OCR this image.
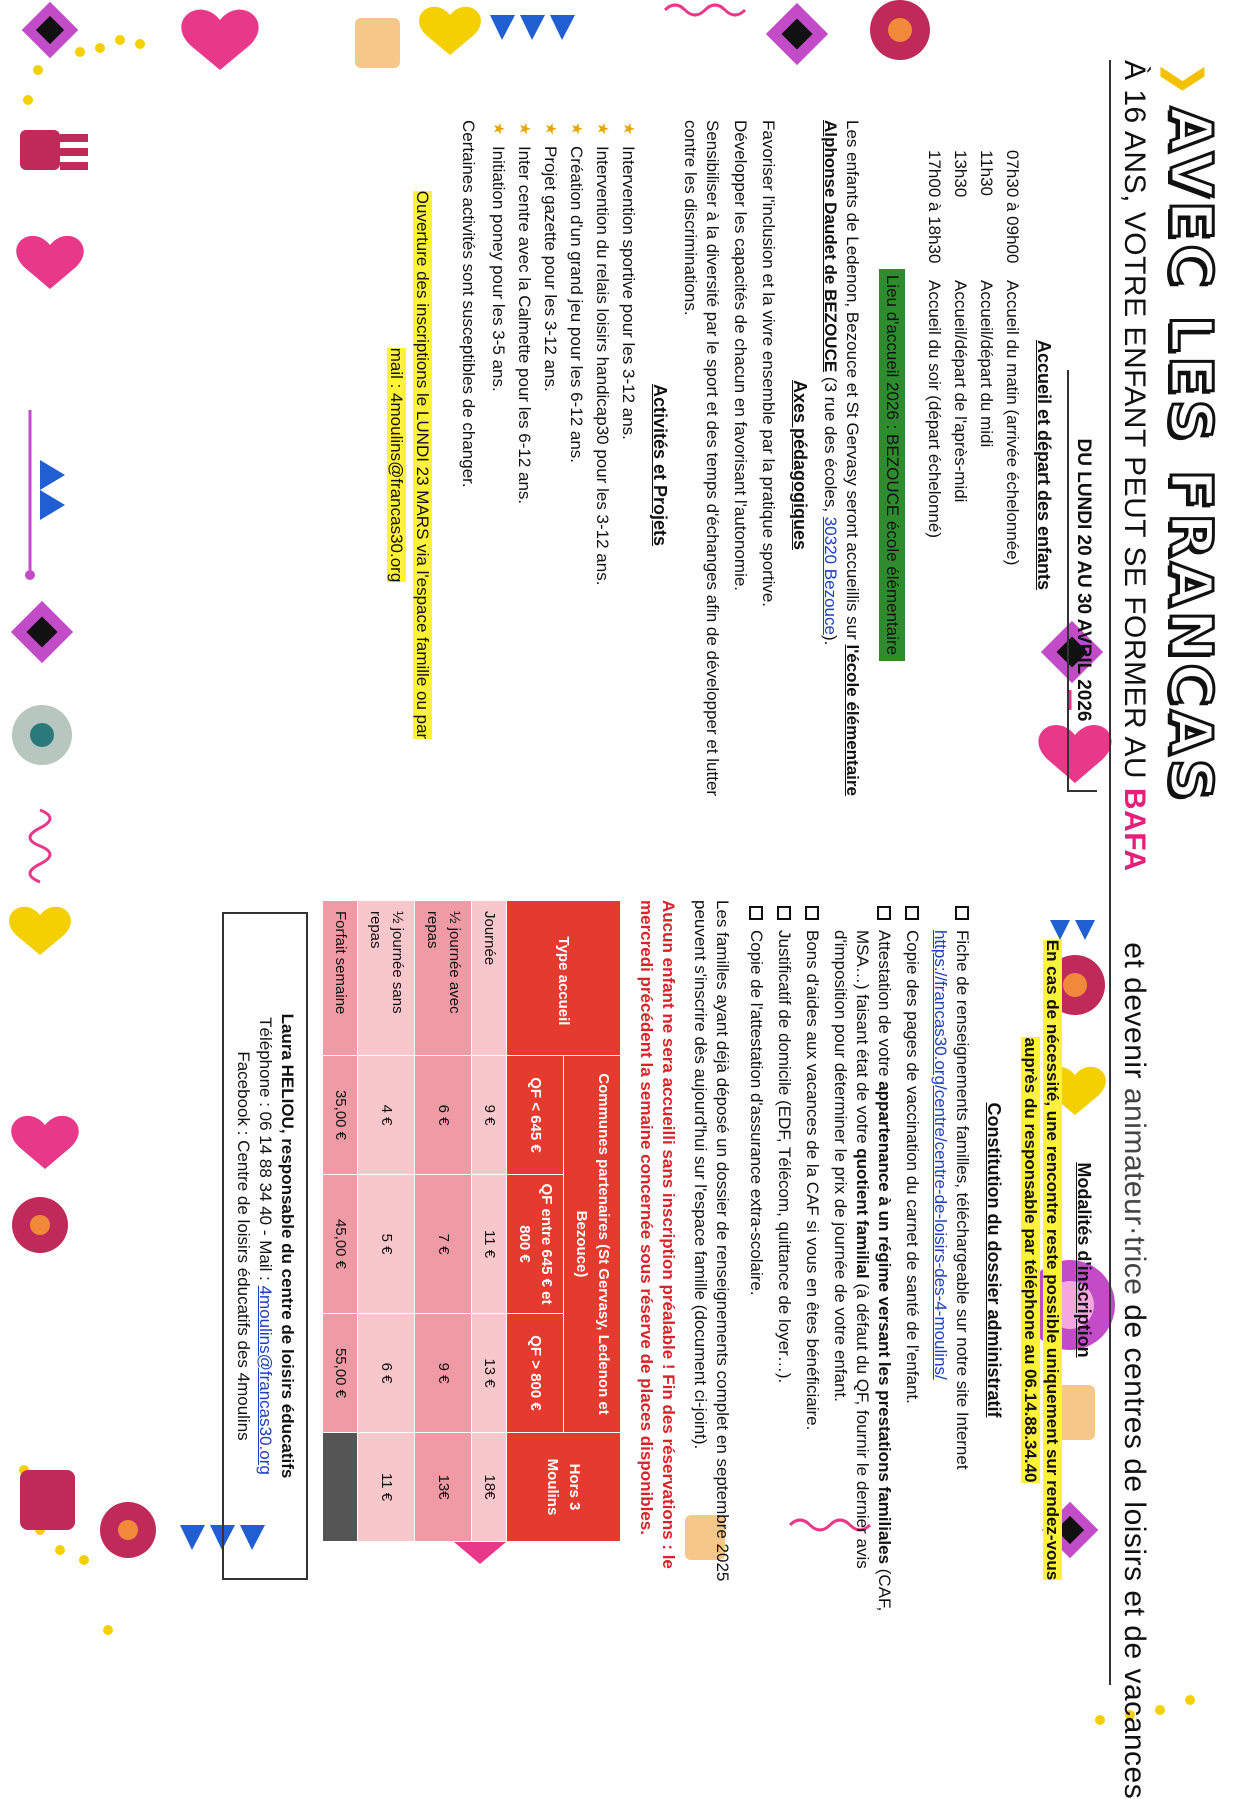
❯AVEC LES FRANCAS
À 16 ANS, VOTRE ENFANT PEUT SE FORMER AU BAFA        et devenir animateur·trice de centres de loisirs et de vacances
DU LUNDI 20 AU 30 AVRIL 2026
Accueil et départ des enfants
07h30 à 09h00
Accueil du matin (arrivée échelonnée)
11h30
Accueil/départ du midi
13h30
Accueil/départ de l'après-midi
17h00 à 18h30
Accueil du soir (départ échelonné)
Lieu d'accueil 2026 : BEZOUCE école élémentaire
Les enfants de Ledenon, Bezouce et St Gervasy seront accueillis sur l'école élémentaire Alphonse Daudet de BEZOUCE (3 rue des écoles, 30320 Bezouce).
Axes pédagogiques
Favoriser l'inclusion et la vivre ensemble par la pratique sportive.
Développer les capacités de chacun en favorisant l'autonomie.
Sensibiliser à la diversité par le sport et des temps d'échanges afin de développer et lutter contre les discriminations.
Activités et Projets
★ Intervention sportive pour les 3-12 ans.
★ Intervention du relais loisirs handicap30 pour les 3-12 ans.
★ Création d'un grand jeu pour les 6-12 ans.
★ Projet gazette pour les 3-12 ans.
★ Inter centre avec la Calmette pour les 6-12 ans.
★ Initiation poney pour les 3-5 ans.
Certaines activités sont susceptibles de changer.
Ouverture des inscriptions le LUNDI 23 MARS via l'espace famille ou par
mail : 4moulins@francas30.org
Modalités d'inscription
En cas de nécessité, une rencontre reste possible uniquement sur rendez-vous
auprès du responsable par téléphone au 06.14.88.34.40
Constitution du dossier administratif
Fiche de renseignements familles, téléchargeable sur notre site Internet
https://francas30.org/centre/centre-de-loisirs-des-4-moulins/
Copie des pages de vaccination du carnet de santé de l'enfant.
Attestation de votre appartenance à un régime versant les prestations familiales (CAF, MSA…) faisant état de votre quotient familial (à défaut du QF, fournir le dernier avis d'imposition pour déterminer le prix de journée de votre enfant.
Bons d'aides aux vacances de la CAF si vous en êtes bénéficiaire.
Justificatif de domicile (EDF, Télécom, quittance de loyer…).
Copie de l'attestation d'assurance extra-scolaire.
Les familles ayant déjà déposé un dossier de renseignements complet en septembre 2025 peuvent s'inscrire dès aujourd'hui sur l'espace famille (document ci-joint).
Aucun enfant ne sera accueilli sans inscription préalable ! Fin des réservations : le mercredi précédent la semaine concernée sous réserve de places disponibles.
Type accueil	Communes partenaires (St Gervasy, Ledenon et Bezouce)			Hors 3 Moulins
	QF < 645 €	QF entre 645 € et 800 €	QF > 800 €	
Journée	9 €	11 €	13 €	18€
½ journée avec repas	6 €	7 €	9 €	13€
½ journée sans repas	4 €	5 €	6 €	11 €
Forfait semaine	35,00 €	45,00 €	55,00 €	
Laura HELIOU, responsable du centre de loisirs éducatifs
Téléphone : 06 14 88 34 40 - Mail : 4moulins@francas30.org
Facebook : Centre de loisirs éducatifs des 4moulins
